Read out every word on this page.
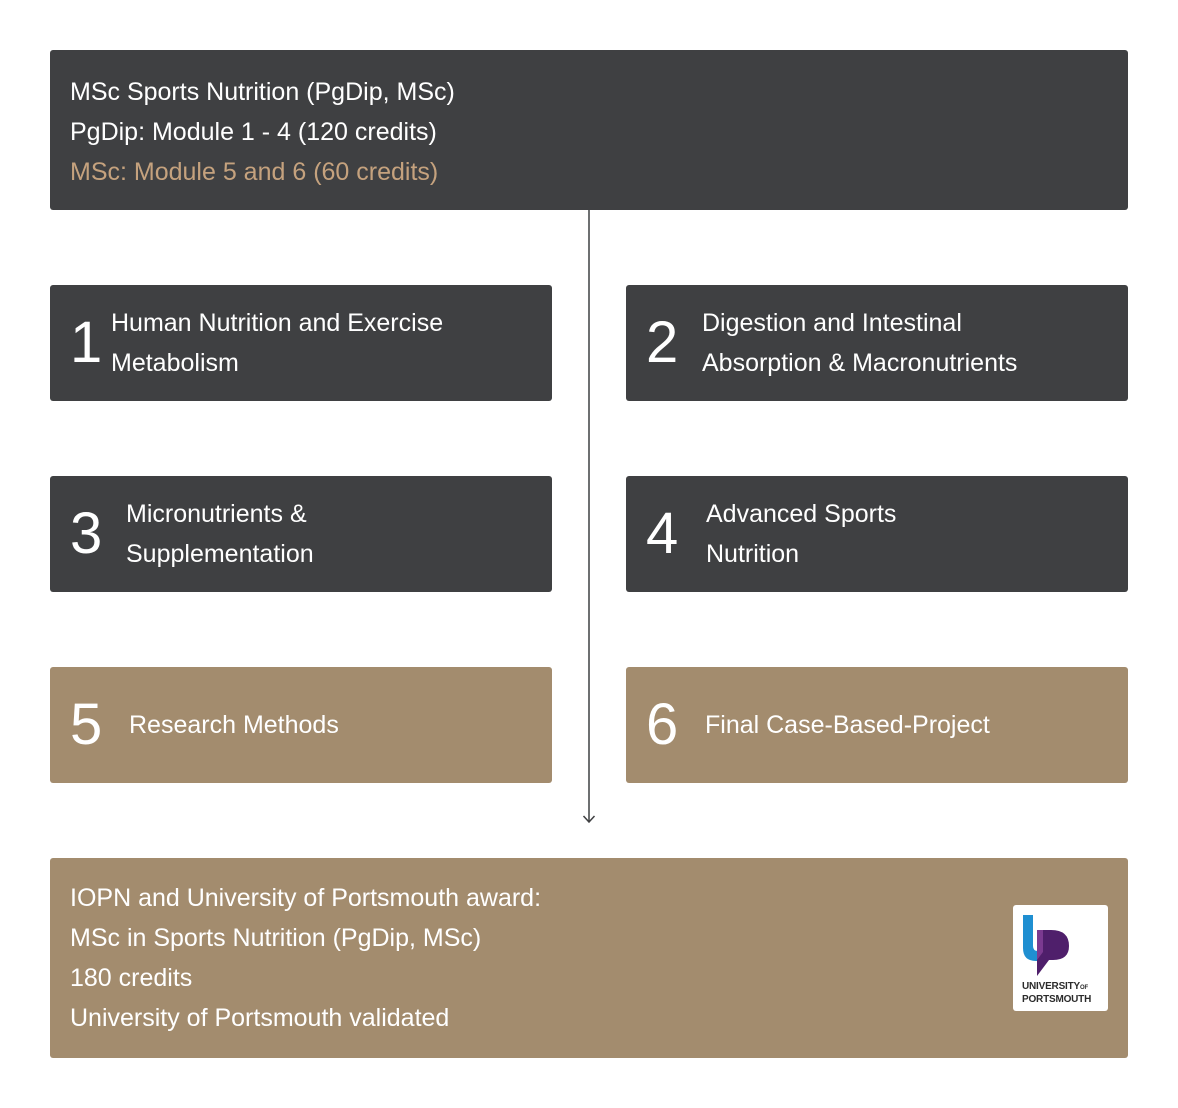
MSc Sports Nutrition (PgDip, MSc)
PgDip: Module 1 - 4 (120 credits)
MSc: Module 5 and 6 (60 credits)
1 Human Nutrition and Exercise
Metabolism	2 Digestion and Intestinal
Absorption & Macronutrients
3 Micronutrients &
Supplementation	4	Advanced Sports
Nutrition
5	Research Methods	6	Final Case-Based-Project
IOPN and University of Portsmouth award:
MSc in Sports Nutrition (PgDip, MSc)
180 credits
University of Portsmouth validated
UNIVERSITYOF
PORTSMOUTH
